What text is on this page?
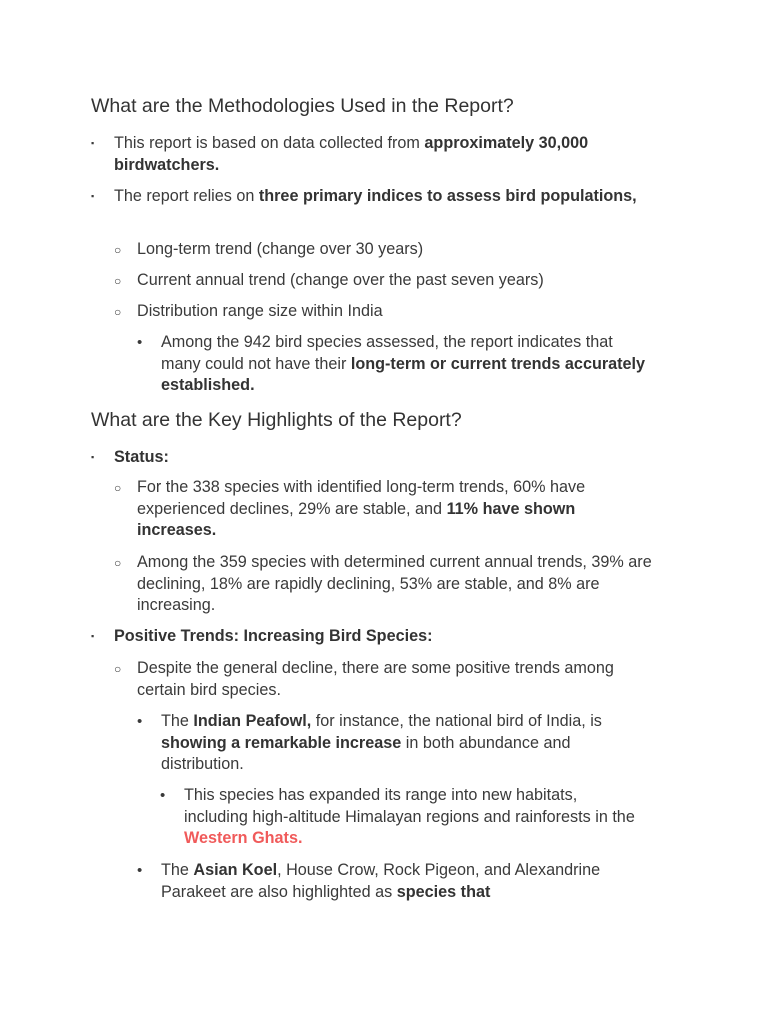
What are the Methodologies Used in the Report?
▪ This report is based on data collected from approximately 30,000 birdwatchers.
▪ The report relies on three primary indices to assess bird populations,
○ Long-term trend (change over 30 years)
○ Current annual trend (change over the past seven years)
○ Distribution range size within India
• Among the 942 bird species assessed, the report indicates that many could not have their long-term or current trends accurately established.
What are the Key Highlights of the Report?
▪ Status:
○ For the 338 species with identified long-term trends, 60% have experienced declines, 29% are stable, and 11% have shown increases.
○ Among the 359 species with determined current annual trends, 39% are declining, 18% are rapidly declining, 53% are stable, and 8% are increasing.
▪ Positive Trends: Increasing Bird Species:
○ Despite the general decline, there are some positive trends among certain bird species.
• The Indian Peafowl, for instance, the national bird of India, is showing a remarkable increase in both abundance and distribution.
• This species has expanded its range into new habitats, including high-altitude Himalayan regions and rainforests in the Western Ghats.
• The Asian Koel, House Crow, Rock Pigeon, and Alexandrine Parakeet are also highlighted as species that
